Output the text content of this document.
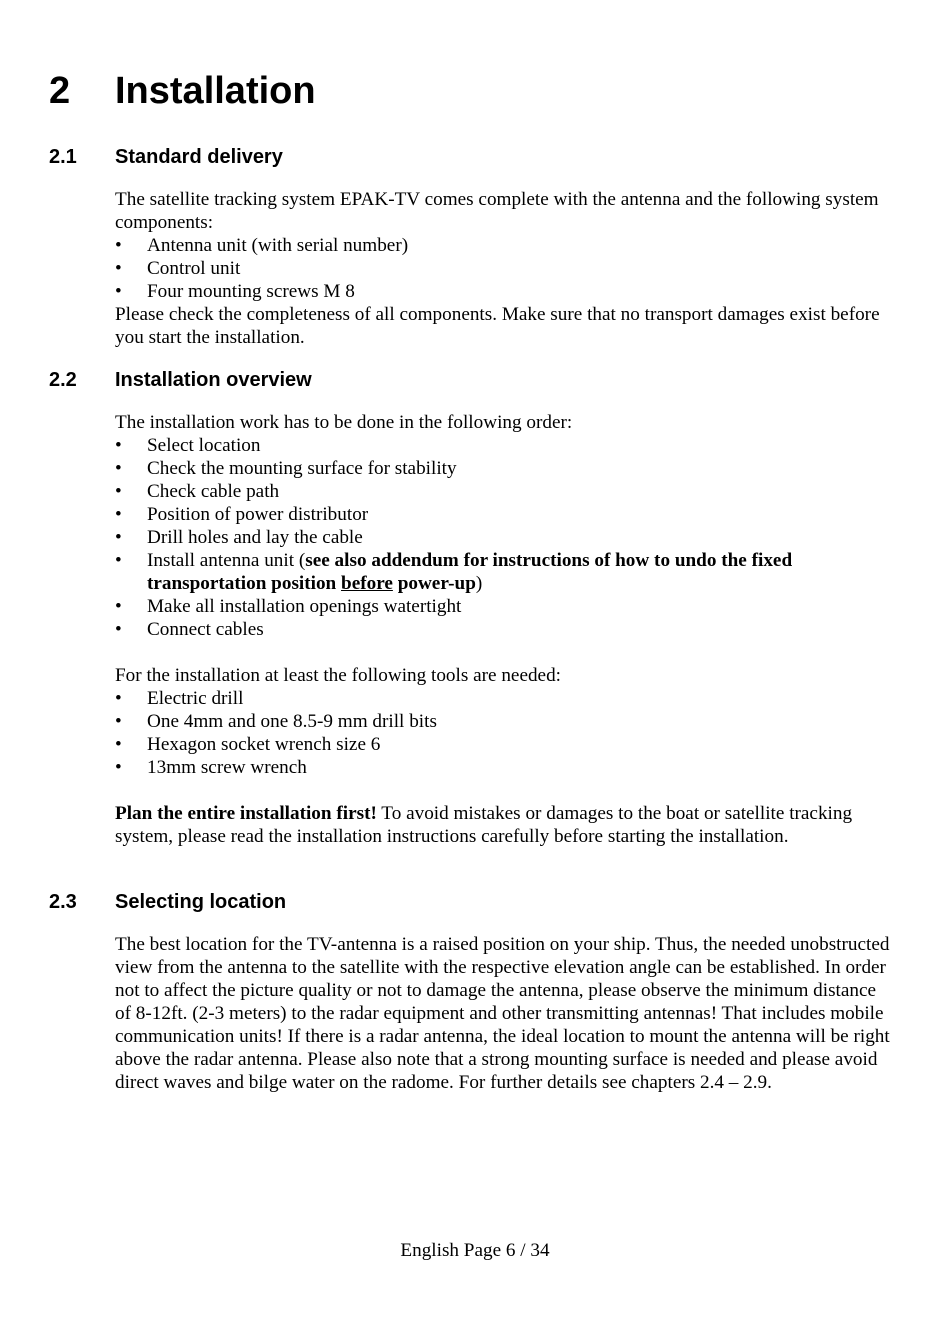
2 Installation
2.1 Standard delivery

The satellite tracking system EPAK-TV comes complete with the antenna and the following system components:

• Antenna unit (with serial number)
• Control unit
• Four mounting screws M 8

Please check the completeness of all components. Make sure that no transport damages exist before you start the installation.

2.2 Installation overview

The installation work has to be done in the following order:

• Select location
• Check the mounting surface for stability
• Check cable path
• Position of power distributor
• Drill holes and lay the cable
• Install antenna unit (see also addendum for instructions of how to undo the fixed transportation position before power-up)
• Make all installation openings watertight
• Connect cables

For the installation at least the following tools are needed:

• Electric drill
• One 4mm and one 8.5-9 mm drill bits
• Hexagon socket wrench size 6
• 13mm screw wrench

Plan the entire installation first! To avoid mistakes or damages to the boat or satellite tracking system, please read the installation instructions carefully before starting the installation.

2.3 Selecting location

The best location for the TV-antenna is a raised position on your ship. Thus, the needed unobstructed view from the antenna to the satellite with the respective elevation angle can be established. In order not to affect the picture quality or not to damage the antenna, please observe the minimum distance of 8-12ft. (2-3 meters) to the radar equipment and other transmitting antennas! That includes mobile communication units! If there is a radar antenna, the ideal location to mount the antenna will be right above the radar antenna. Please also note that a strong mounting surface is needed and please avoid direct waves and bilge water on the radome. For further details see chapters 2.4 – 2.9.

English Page 6 / 34
